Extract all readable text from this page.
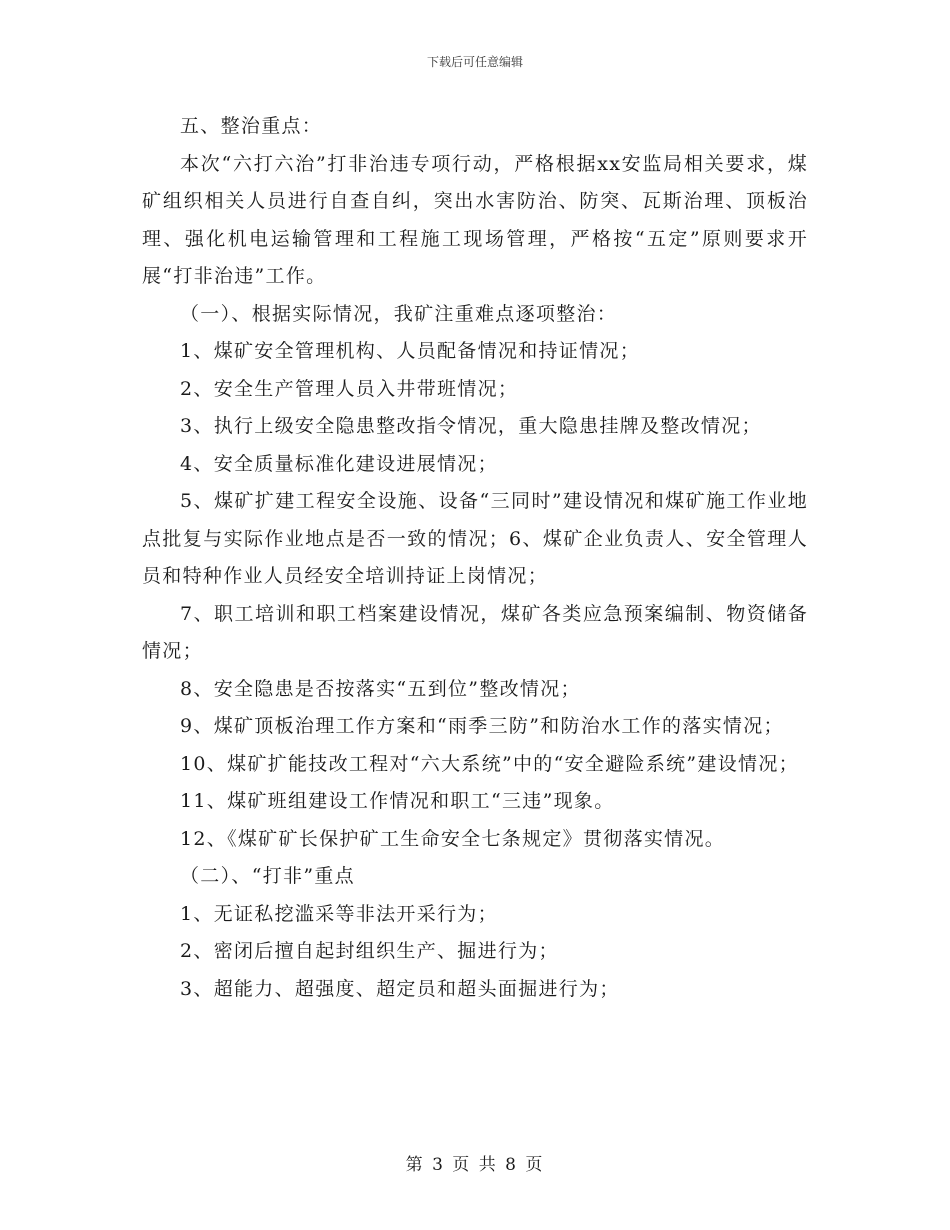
下载后可任意编辑

五、整治重点：

本次“六打六治”打非治违专项行动，严格根据xx安监局相关要求，煤矿组织相关人员进行自查自纠，突出水害防治、防突、瓦斯治理、顶板治理、强化机电运输管理和工程施工现场管理，严格按“五定”原则要求开展“打非治违”工作。

（一）、根据实际情况，我矿注重难点逐项整治：

1、煤矿安全管理机构、人员配备情况和持证情况；

2、安全生产管理人员入井带班情况；

3、执行上级安全隐患整改指令情况，重大隐患挂牌及整改情况；

4、安全质量标准化建设进展情况；

5、煤矿扩建工程安全设施、设备“三同时”建设情况和煤矿施工作业地点批复与实际作业地点是否一致的情况；6、煤矿企业负责人、安全管理人员和特种作业人员经安全培训持证上岗情况；

7、职工培训和职工档案建设情况，煤矿各类应急预案编制、物资储备情况；

8、安全隐患是否按落实“五到位”整改情况；

9、煤矿顶板治理工作方案和“雨季三防”和防治水工作的落实情况；

10、煤矿扩能技改工程对“六大系统”中的“安全避险系统”建设情况；

11、煤矿班组建设工作情况和职工“三违”现象。

12、《煤矿矿长保护矿工生命安全七条规定》贯彻落实情况。

（二）、“打非”重点

1、无证私挖滥采等非法开采行为；

2、密闭后擅自起封组织生产、掘进行为；

3、超能力、超强度、超定员和超头面掘进行为；

第 3 页 共 8 页
